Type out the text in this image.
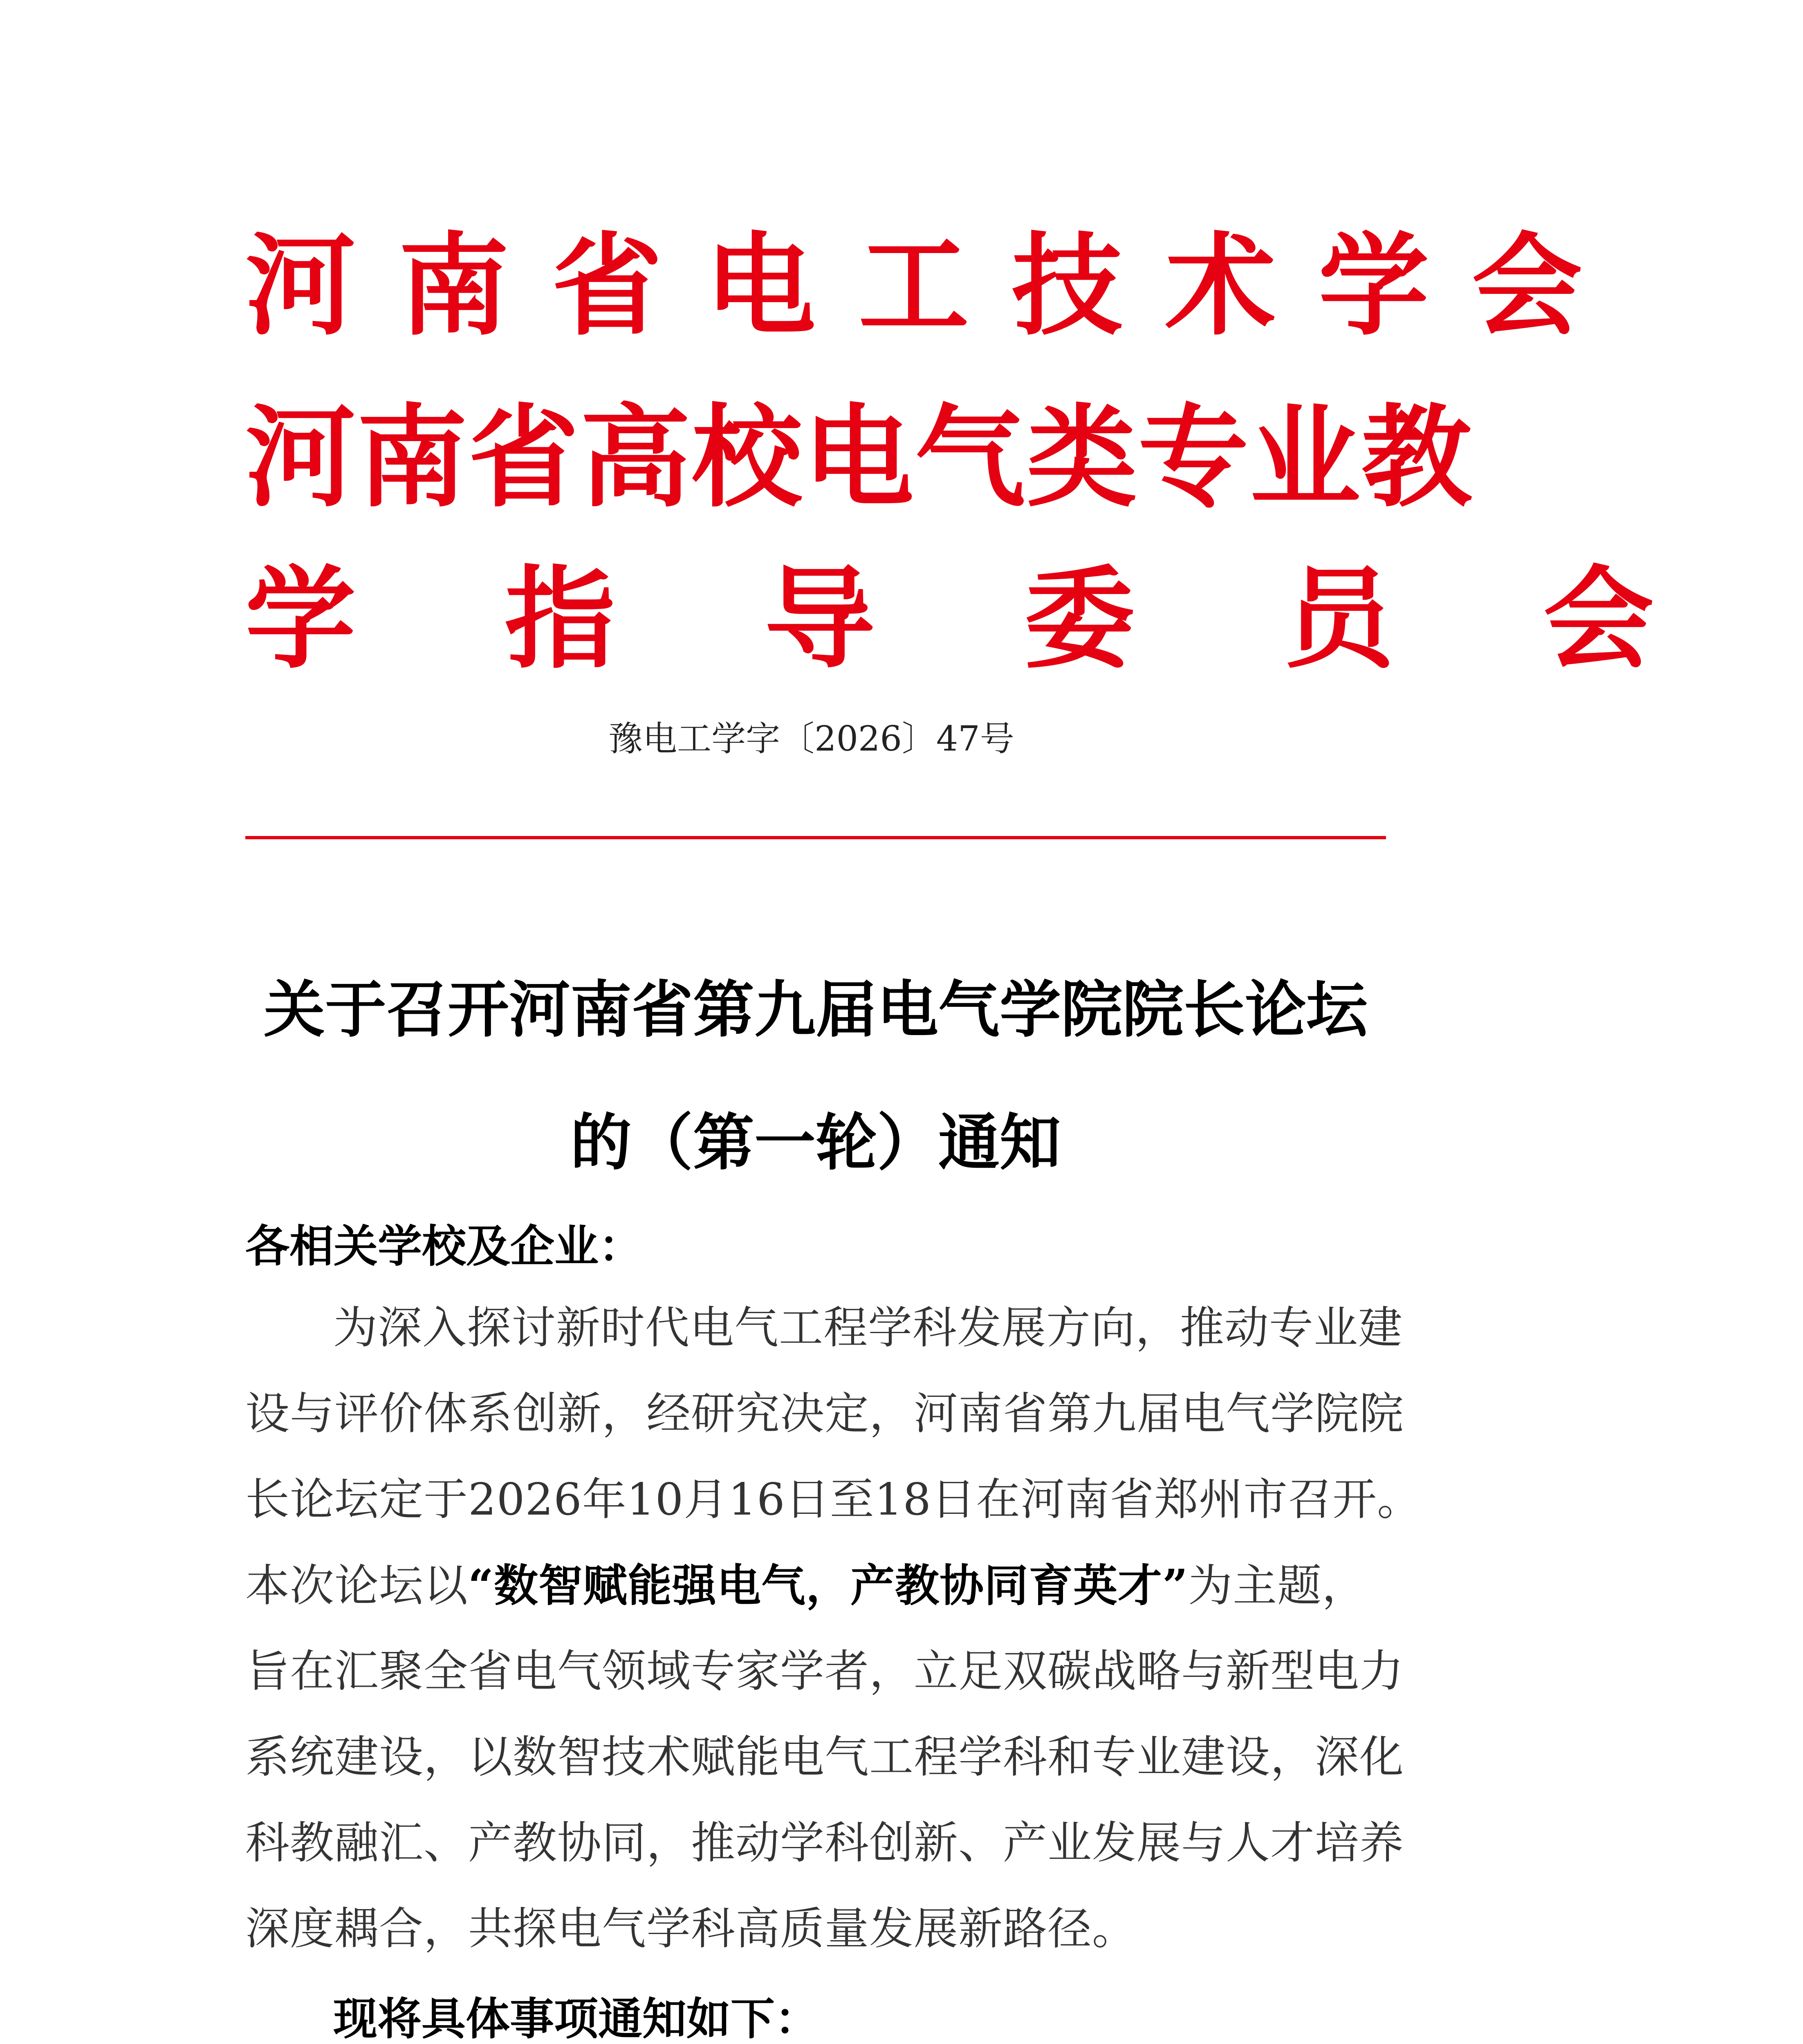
河南省电工技术学会
河南省高校电气类专业教
学指导委员会
豫电工学字〔2026〕47号
关于召开河南省第九届电气学院院长论坛
的（第一轮）通知
各相关学校及企业：
为深入探讨新时代电气工程学科发展方向，推动专业建
设与评价体系创新，经研究决定，河南省第九届电气学院院
长论坛定于2026年10月16日至18日在河南省郑州市召开。
本次论坛以“数智赋能强电气，产教协同育英才”为主题，
旨在汇聚全省电气领域专家学者，立足双碳战略与新型电力
系统建设，以数智技术赋能电气工程学科和专业建设，深化
科教融汇、产教协同，推动学科创新、产业发展与人才培养
深度耦合，共探电气学科高质量发展新路径。
现将具体事项通知如下：
